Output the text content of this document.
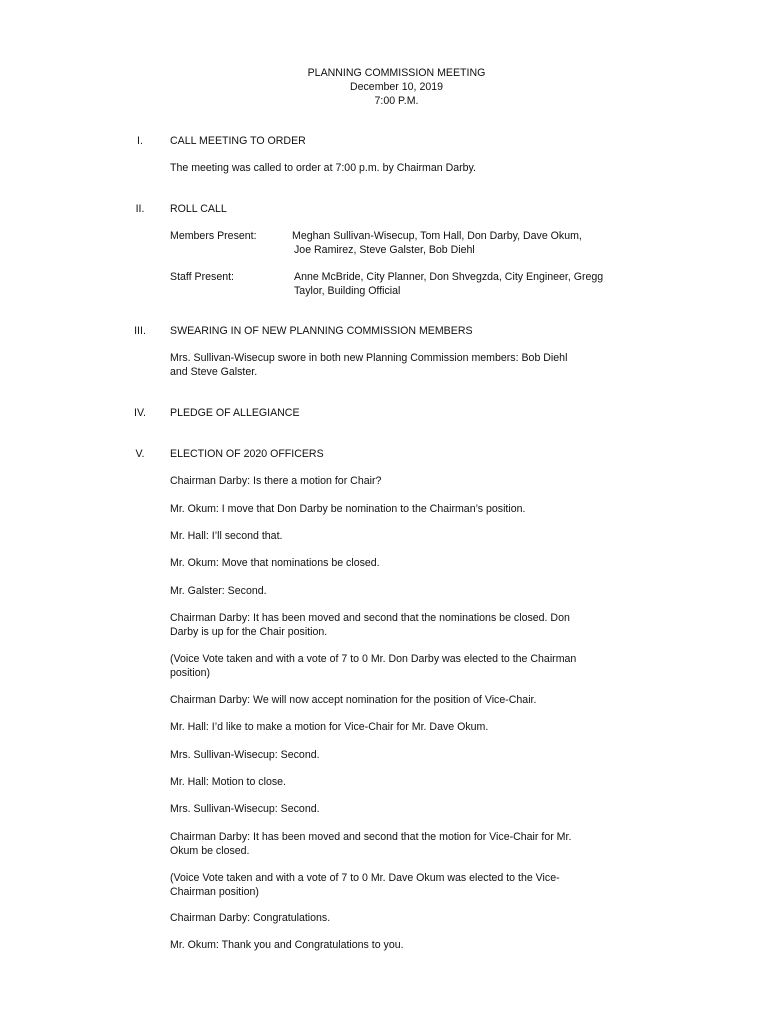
PLANNING COMMISSION MEETING
December 10, 2019
7:00 P.M.
I.	CALL MEETING TO ORDER
The meeting was called to order at 7:00 p.m. by Chairman Darby.
II.	ROLL CALL
Members Present:	Meghan Sullivan-Wisecup, Tom Hall, Don Darby, Dave Okum,
Joe Ramirez, Steve Galster, Bob Diehl
Staff Present:	Anne McBride, City Planner, Don Shvegzda, City Engineer, Gregg
Taylor, Building Official
III.	SWEARING IN OF NEW PLANNING COMMISSION MEMBERS
Mrs. Sullivan-Wisecup swore in both new Planning Commission members: Bob Diehl
and Steve Galster.
IV.	PLEDGE OF ALLEGIANCE
V.	ELECTION OF 2020 OFFICERS
Chairman Darby: Is there a motion for Chair?
Mr. Okum: I move that Don Darby be nomination to the Chairman’s position.
Mr. Hall: I’ll second that.
Mr. Okum: Move that nominations be closed.
Mr. Galster: Second.
Chairman Darby: It has been moved and second that the nominations be closed. Don
Darby is up for the Chair position.
(Voice Vote taken and with a vote of 7 to 0 Mr. Don Darby was elected to the Chairman
position)
Chairman Darby: We will now accept nomination for the position of Vice-Chair.
Mr. Hall: I’d like to make a motion for Vice-Chair for Mr. Dave Okum.
Mrs. Sullivan-Wisecup: Second.
Mr. Hall: Motion to close.
Mrs. Sullivan-Wisecup: Second.
Chairman Darby: It has been moved and second that the motion for Vice-Chair for Mr.
Okum be closed.
(Voice Vote taken and with a vote of 7 to 0 Mr. Dave Okum was elected to the Vice-
Chairman position)
Chairman Darby: Congratulations.
Mr. Okum: Thank you and Congratulations to you.
